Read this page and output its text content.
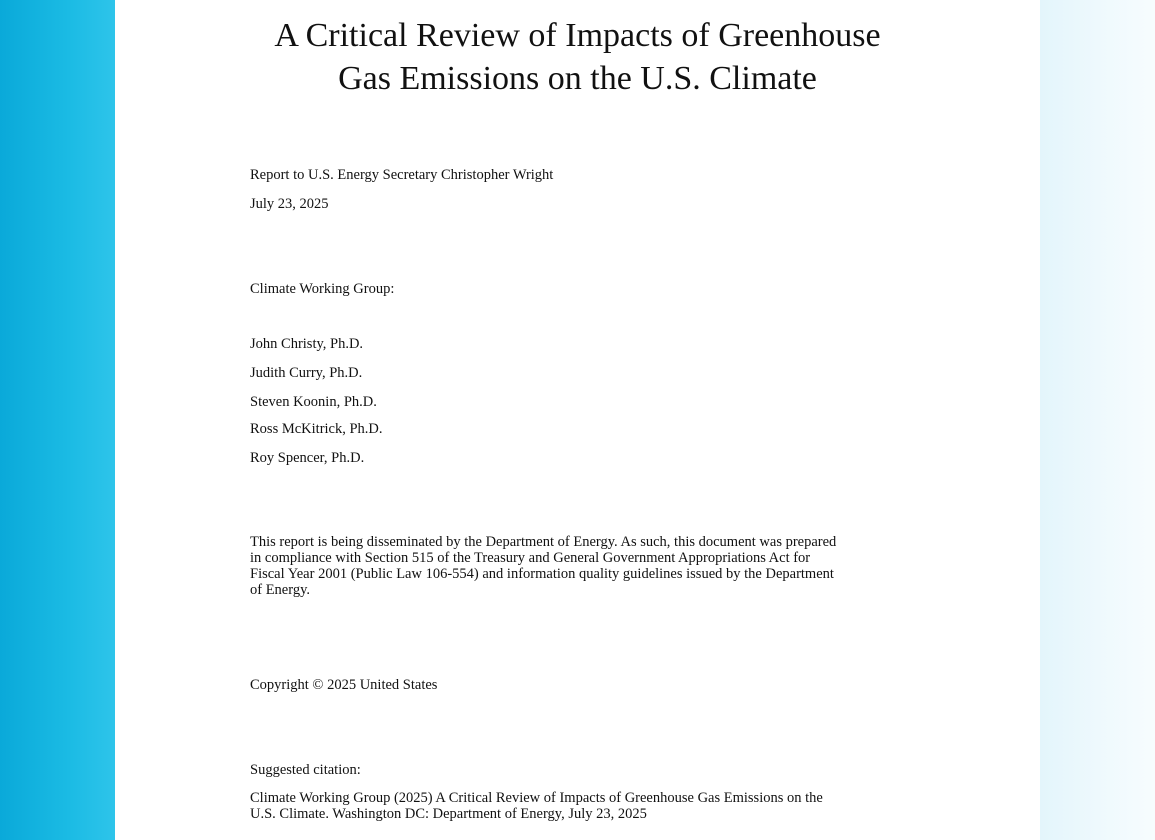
A Critical Review of Impacts of Greenhouse
Gas Emissions on the U.S. Climate

Report to U.S. Energy Secretary Christopher Wright

July 23, 2025

Climate Working Group:

John Christy, Ph.D.

Judith Curry, Ph.D.

Steven Koonin, Ph.D.

Ross McKitrick, Ph.D.

Roy Spencer, Ph.D.

This report is being disseminated by the Department of Energy. As such, this document was prepared
in compliance with Section 515 of the Treasury and General Government Appropriations Act for
Fiscal Year 2001 (Public Law 106-554) and information quality guidelines issued by the Department
of Energy.

Copyright © 2025 United States

Suggested citation:

Climate Working Group (2025) A Critical Review of Impacts of Greenhouse Gas Emissions on the
U.S. Climate. Washington DC: Department of Energy, July 23, 2025
